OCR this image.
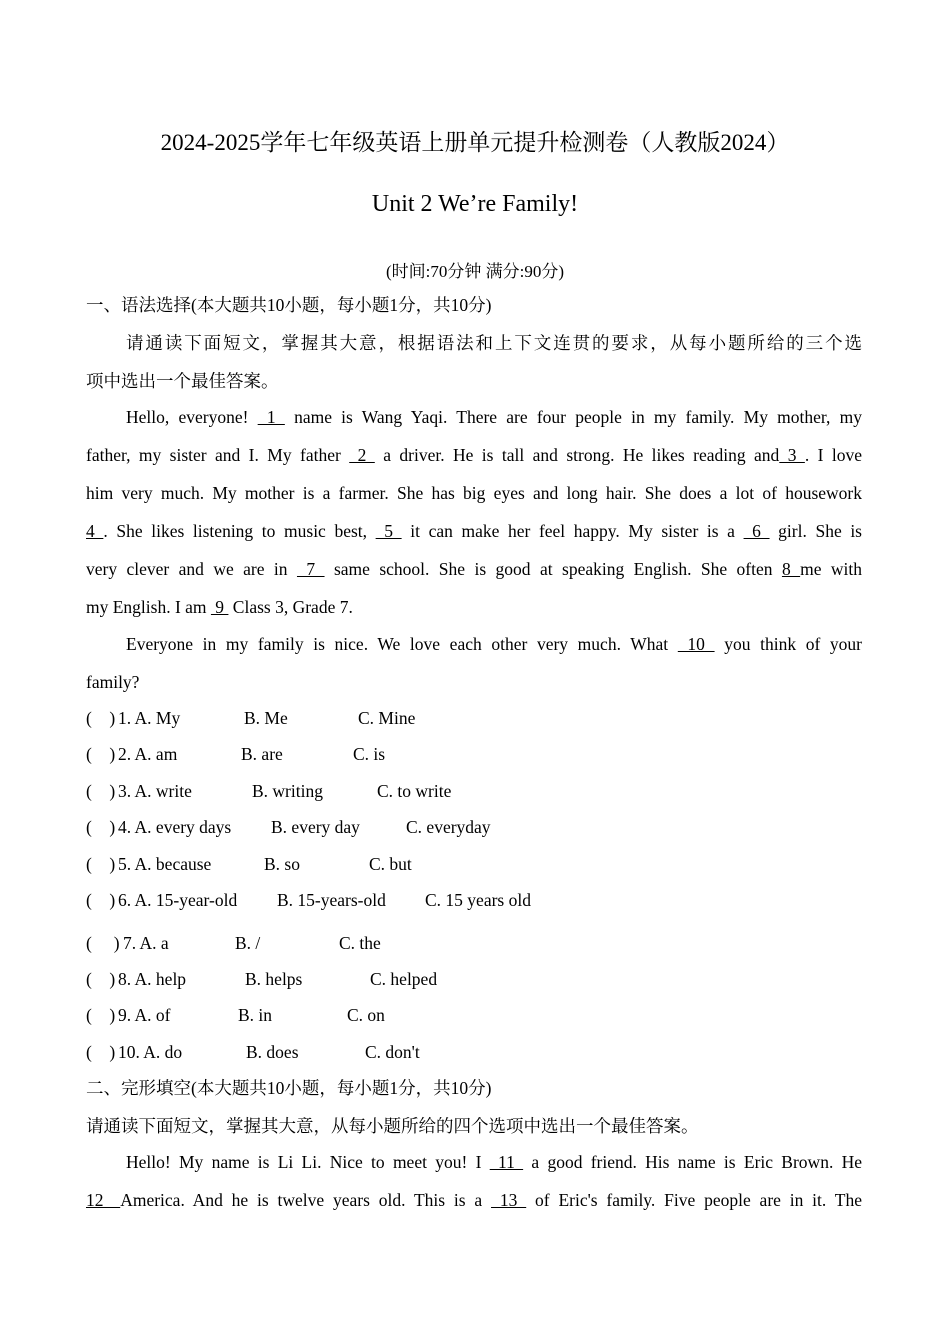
2024-2025学年七年级英语上册单元提升检测卷（人教版2024）
Unit 2 We’re Family!
(时间:70分钟 满分:90分)
一、语法选择(本大题共10小题，每小题1分，共10分)
请通读下面短文，掌握其大意，根据语法和上下文连贯的要求，从每小题所给的三个选
项中选出一个最佳答案。
Hello, everyone!  1  name is Wang Yaqi. There are four people in my family. My mother, my
father, my sister and I. My father  2  a driver. He is tall and strong. He likes reading and 3 . I love
him very much. My mother is a farmer. She has big eyes and long hair. She does a lot of housework
4 . She likes listening to music best,  5  it can make her feel happy. My sister is a  6  girl. She is
very clever and we are in  7  same school. She is good at speaking English. She often 8 me with
my English. I am  9  Class 3, Grade 7.
Everyone in my family is nice. We love each other very much. What  10  you think of your
family?
(    ) 1. A. My	B. Me	C. Mine
(    ) 2. A. am	B. are	C. is
(    ) 3. A. write	B. writing	C. to write
(    ) 4. A. every days B. every day	C. everyday
(    ) 5. A. because	B. so	C. but
(    ) 6. A. 15-year-old B. 15-years-old C. 15 years old
(     ) 7. A. a	B. /	C. the
(    ) 8. A. help	B. helps	C. helped
(    ) 9. A. of	B. in	C. on
(    ) 10. A. do	B. does	C. don't
二、完形填空(本大题共10小题，每小题1分，共10分)
请通读下面短文，掌握其大意，从每小题所给的四个选项中选出一个最佳答案。
Hello! My name is Li Li. Nice to meet you! I  11  a good friend. His name is Eric Brown. He
12  America. And he is twelve years old. This is a  13  of Eric's family. Five people are in it. The
